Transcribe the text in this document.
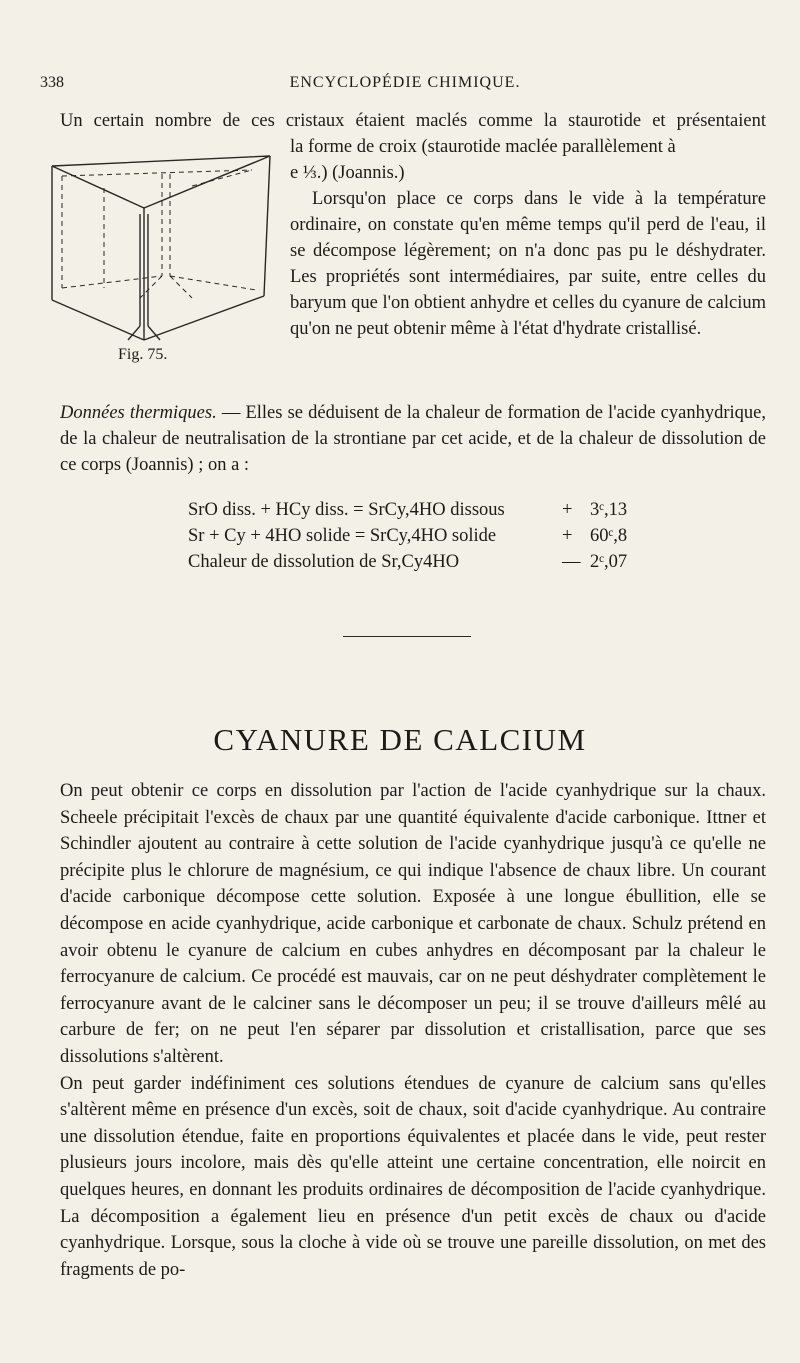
338	ENCYCLOPÉDIE CHIMIQUE.

Un certain nombre de ces cristaux étaient maclés comme la staurotide et présentaient

la forme de croix (staurotide maclée parallèlement à

e ⅓.) (Joannis.)

Lorsqu'on place ce corps dans le vide à la température ordinaire, on constate qu'en même temps qu'il perd de l'eau, il se décompose légèrement; on n'a donc pas pu le déshydrater. Les propriétés sont intermédiaires, par suite, entre celles du baryum que l'on obtient anhydre et celles du cyanure de calcium qu'on ne peut obtenir même à l'état d'hydrate cristallisé.

Fig. 75.

Données thermiques. — Elles se déduisent de la chaleur de formation de l'acide cyanhydrique, de la chaleur de neutralisation de la strontiane par cet acide, et de la chaleur de dissolution de ce corps (Joannis) ; on a :

SrO diss. + HCy diss. = SrCy,4HO dissous	+ 3ᶜ,13
Sr + Cy + 4HO solide = SrCy,4HO solide	+ 60ᶜ,8
Chaleur de dissolution de Sr,Cy4HO	— 2ᶜ,07
CYANURE DE CALCIUM

On peut obtenir ce corps en dissolution par l'action de l'acide cyanhydrique sur la chaux. Scheele précipitait l'excès de chaux par une quantité équivalente d'acide carbonique. Ittner et Schindler ajoutent au contraire à cette solution de l'acide cyanhydrique jusqu'à ce qu'elle ne précipite plus le chlorure de magnésium, ce qui indique l'absence de chaux libre. Un courant d'acide carbonique décompose cette solution. Exposée à une longue ébullition, elle se décompose en acide cyanhydrique, acide carbonique et carbonate de chaux. Schulz prétend en avoir obtenu le cyanure de calcium en cubes anhydres en décomposant par la chaleur le ferrocyanure de calcium. Ce procédé est mauvais, car on ne peut déshydrater complètement le ferrocyanure avant de le calciner sans le décomposer un peu; il se trouve d'ailleurs mêlé au carbure de fer; on ne peut l'en séparer par dissolution et cristallisation, parce que ses dissolutions s'altèrent.

On peut garder indéfiniment ces solutions étendues de cyanure de calcium sans qu'elles s'altèrent même en présence d'un excès, soit de chaux, soit d'acide cyanhydrique. Au contraire une dissolution étendue, faite en proportions équivalentes et placée dans le vide, peut rester plusieurs jours incolore, mais dès qu'elle atteint une certaine concentration, elle noircit en quelques heures, en donnant les produits ordinaires de décomposition de l'acide cyanhydrique. La décomposition a également lieu en présence d'un petit excès de chaux ou d'acide cyanhydrique. Lorsque, sous la cloche à vide où se trouve une pareille dissolution, on met des fragments de po-
